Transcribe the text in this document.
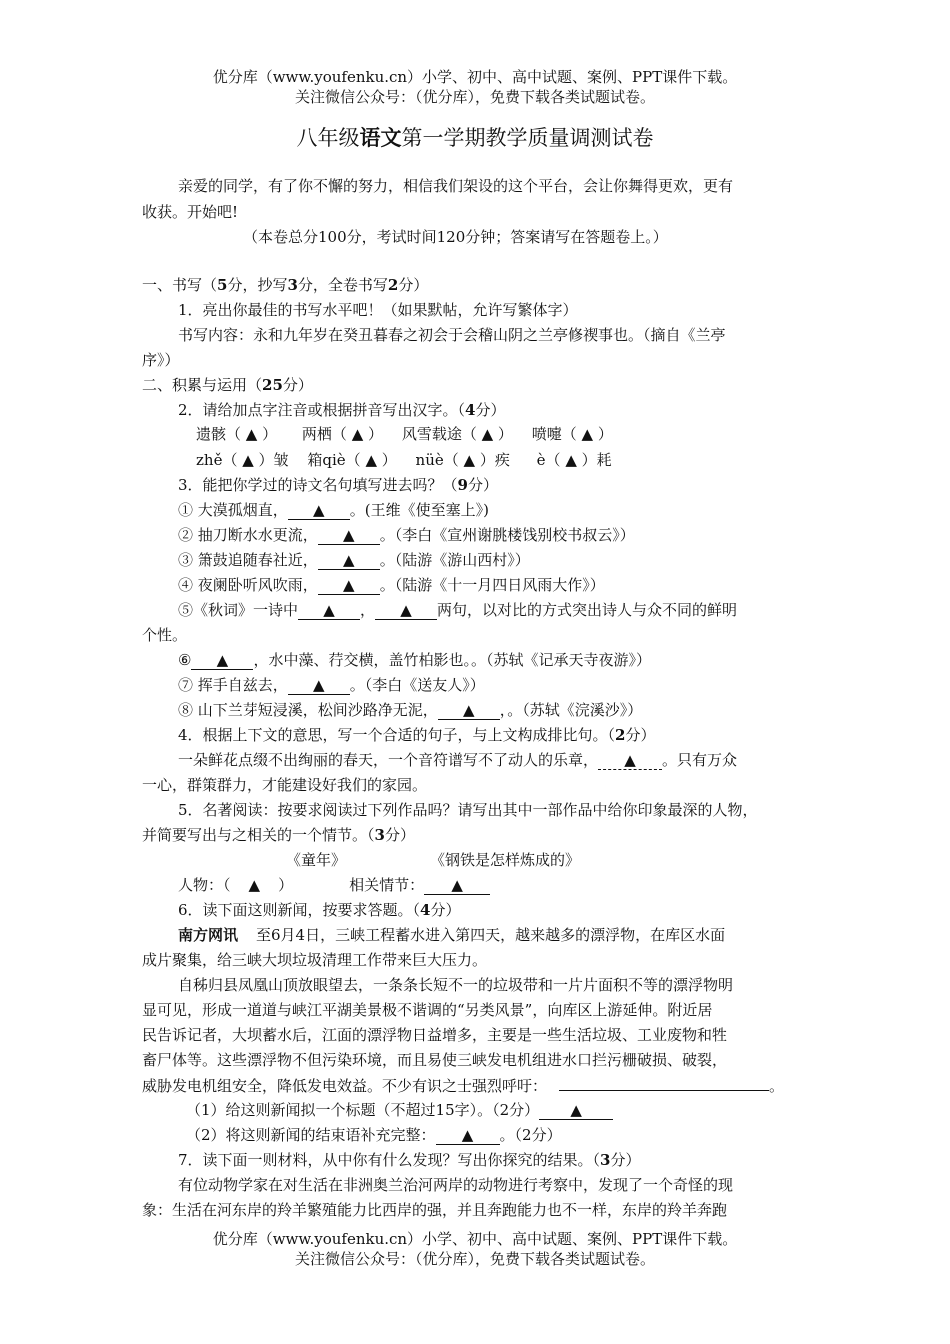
优分库（www.youfenku.cn）小学、初中、高中试题、案例、PPT课件下载。
关注微信公众号：（优分库），免费下载各类试题试卷。
八年级语文第一学期教学质量调测试卷
亲爱的同学，有了你不懈的努力，相信我们架设的这个平台，会让你舞得更欢，更有
收获。开始吧!
（本卷总分100分，考试时间120分钟；答案请写在答题卷上。）
一、书写（5分，抄写3分，全卷书写2分）
1．亮出你最佳的书写水平吧！（如果默帖，允许写繁体字）
书写内容：永和九年岁在癸丑暮春之初会于会稽山阴之兰亭修禊事也。（摘自《兰亭
序》）
二、积累与运用（25分）
2．请给加点字注音或根据拼音写出汉字。（4分）
遗骸（ ▲ ） 两栖（ ▲ ） 风雪载途（ ▲ ） 喷嚏（ ▲ ）
zhě（ ▲ ）皱 箱qiè（ ▲ ） nüè（ ▲ ）疾 è（ ▲ ）耗
3．能把你学过的诗文名句填写进去吗？（9分）
① 大漠孤烟直， ▲ 。(王维《使至塞上》)
② 抽刀断水水更流， ▲ 。（李白《宣州谢朓楼饯别校书叔云》）
③ 箫鼓追随春社近， ▲ 。（陆游《游山西村》）
④ 夜阑卧听风吹雨， ▲ 。（陆游《十一月四日风雨大作》）
⑤《秋词》一诗中 ▲ ， ▲ 两句，以对比的方式突出诗人与众不同的鲜明
个性。
⑥ ▲ ，水中藻、荇交横，盖竹柏影也。。（苏轼《记承天寺夜游》）
⑦ 挥手自兹去， ▲ 。（李白《送友人》）
⑧ 山下兰芽短浸溪，松间沙路净无泥， ▲ ，。（苏轼《浣溪沙》）
4．根据上下文的意思，写一个合适的句子，与上文构成排比句。（2分）
一朵鲜花点缀不出绚丽的春天，一个音符谱写不了动人的乐章， ▲ 。只有万众
一心，群策群力，才能建设好我们的家园。
5．名著阅读：按要求阅读过下列作品吗？请写出其中一部作品中给你印象最深的人物，
并简要写出与之相关的一个情节。（3分）
《童年》	《钢铁是怎样炼成的》
人物：（ ▲ ）	相关情节： ▲
6．读下面这则新闻，按要求答题。（4分）
南方网讯 至6月4日，三峡工程蓄水进入第四天，越来越多的漂浮物，在库区水面
成片聚集，给三峡大坝垃圾清理工作带来巨大压力。
自秭归县凤凰山顶放眼望去，一条条长短不一的垃圾带和一片片面积不等的漂浮物明
显可见，形成一道道与峡江平湖美景极不谐调的“另类风景”，向库区上游延伸。附近居
民告诉记者，大坝蓄水后，江面的漂浮物日益增多，主要是一些生活垃圾、工业废物和牲
畜尸体等。这些漂浮物不但污染环境，而且易使三峡发电机组进水口拦污栅破损、破裂，
威胁发电机组安全，降低发电效益。不少有识之士强烈呼吁：	。
（1）给这则新闻拟一个标题（不超过15字）。（2分） ▲
（2）将这则新闻的结束语补充完整： ▲ 。（2分）
7．读下面一则材料，从中你有什么发现？写出你探究的结果。（3分）
有位动物学家在对生活在非洲奥兰治河两岸的动物进行考察中，发现了一个奇怪的现
象：生活在河东岸的羚羊繁殖能力比西岸的强，并且奔跑能力也不一样，东岸的羚羊奔跑
优分库（www.youfenku.cn）小学、初中、高中试题、案例、PPT课件下载。
关注微信公众号：（优分库），免费下载各类试题试卷。
